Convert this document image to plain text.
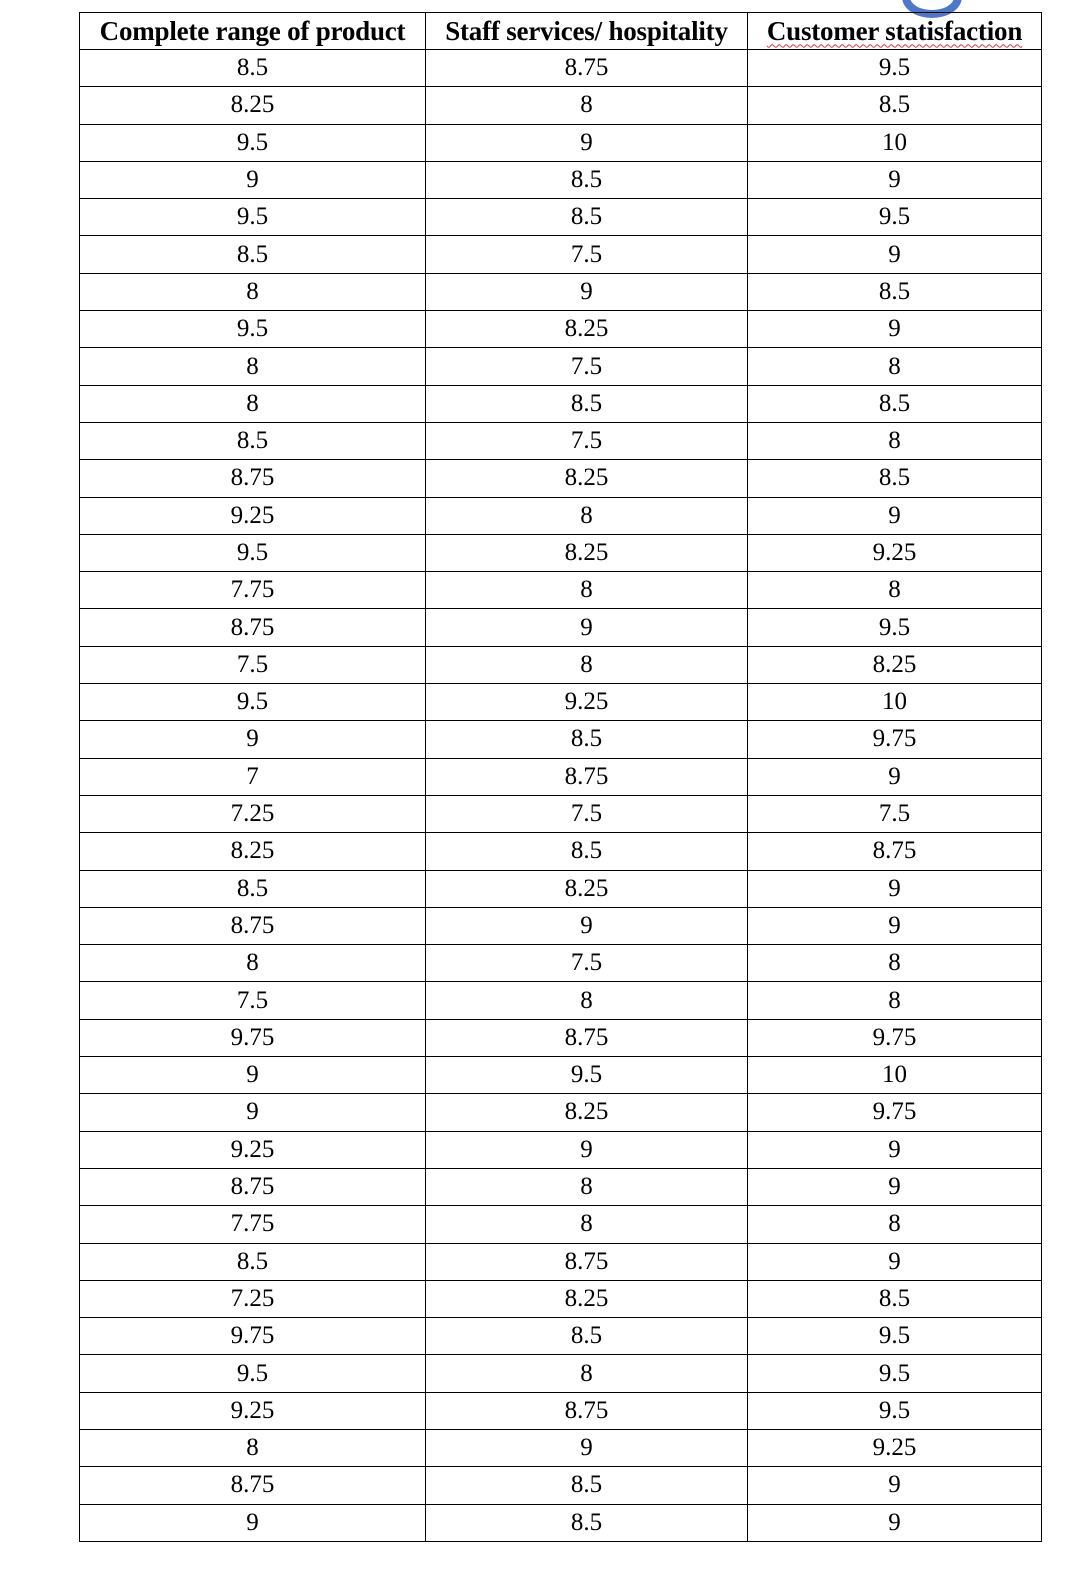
Complete range of product	Staff services/ hospitality	Customer statisfaction
8.5	8.75	9.5
8.25	8	8.5
9.5	9	10
9	8.5	9
9.5	8.5	9.5
8.5	7.5	9
8	9	8.5
9.5	8.25	9
8	7.5	8
8	8.5	8.5
8.5	7.5	8
8.75	8.25	8.5
9.25	8	9
9.5	8.25	9.25
7.75	8	8
8.75	9	9.5
7.5	8	8.25
9.5	9.25	10
9	8.5	9.75
7	8.75	9
7.25	7.5	7.5
8.25	8.5	8.75
8.5	8.25	9
8.75	9	9
8	7.5	8
7.5	8	8
9.75	8.75	9.75
9	9.5	10
9	8.25	9.75
9.25	9	9
8.75	8	9
7.75	8	8
8.5	8.75	9
7.25	8.25	8.5
9.75	8.5	9.5
9.5	8	9.5
9.25	8.75	9.5
8	9	9.25
8.75	8.5	9
9	8.5	9
